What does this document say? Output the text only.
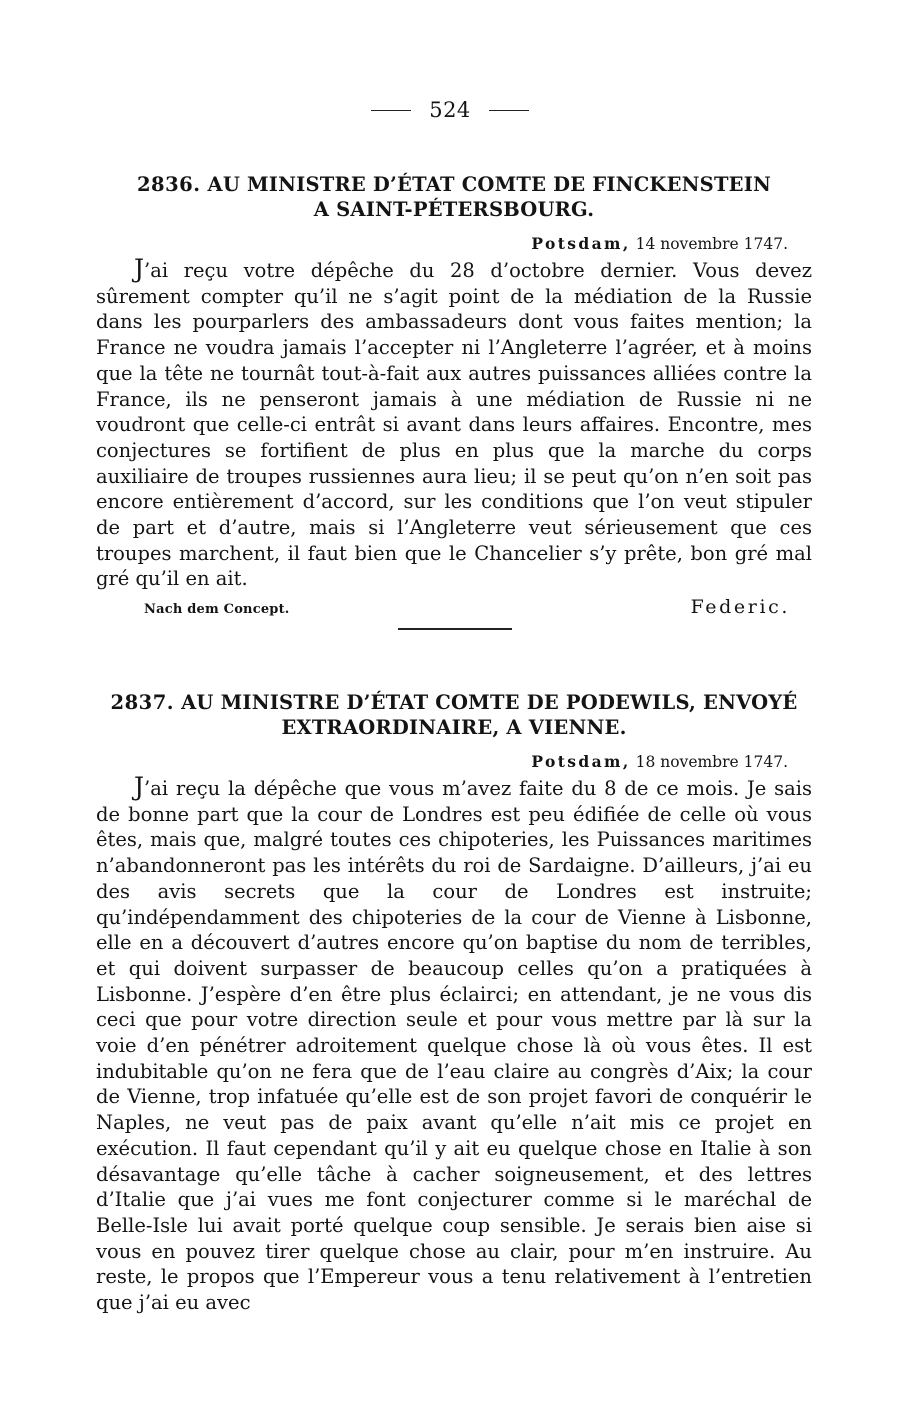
524
2836. AU MINISTRE D’ÉTAT COMTE DE FINCKENSTEIN
A SAINT-PÉTERSBOURG.
Potsdam, 14 novembre 1747.

J’ai reçu votre dépêche du 28 d’octobre dernier. Vous devez sûrement compter qu’il ne s’agit point de la médiation de la Russie dans les pourparlers des ambassadeurs dont vous faites mention; la France ne voudra jamais l’accepter ni l’Angleterre l’agréer, et à moins que la tête ne tournât tout-à-fait aux autres puissances alliées contre la France, ils ne penseront jamais à une médiation de Russie ni ne voudront que celle-ci entrât si avant dans leurs affaires. Encontre, mes conjectures se fortifient de plus en plus que la marche du corps auxiliaire de troupes russiennes aura lieu; il se peut qu’on n’en soit pas encore entièrement d’accord, sur les conditions que l’on veut stipuler de part et d’autre, mais si l’Angleterre veut sérieusement que ces troupes marchent, il faut bien que le Chancelier s’y prête, bon gré mal gré qu’il en ait.

Nach dem Concept.	Federic.
2837. AU MINISTRE D’ÉTAT COMTE DE PODEWILS, ENVOYÉ
EXTRAORDINAIRE, A VIENNE.
Potsdam, 18 novembre 1747.

J’ai reçu la dépêche que vous m’avez faite du 8 de ce mois. Je sais de bonne part que la cour de Londres est peu édifiée de celle où vous êtes, mais que, malgré toutes ces chipoteries, les Puissances maritimes n’abandonneront pas les intérêts du roi de Sardaigne. D’ailleurs, j’ai eu des avis secrets que la cour de Londres est instruite; qu’indépendamment des chipoteries de la cour de Vienne à Lisbonne, elle en a découvert d’autres encore qu’on baptise du nom de terribles, et qui doivent surpasser de beaucoup celles qu’on a pratiquées à Lisbonne. J’espère d’en être plus éclairci; en attendant, je ne vous dis ceci que pour votre direction seule et pour vous mettre par là sur la voie d’en pénétrer adroitement quelque chose là où vous êtes. Il est indubitable qu’on ne fera que de l’eau claire au congrès d’Aix; la cour de Vienne, trop infatuée qu’elle est de son projet favori de conquérir le Naples, ne veut pas de paix avant qu’elle n’ait mis ce projet en exécution. Il faut cependant qu’il y ait eu quelque chose en Italie à son désavantage qu’elle tâche à cacher soigneusement, et des lettres d’Italie que j’ai vues me font conjecturer comme si le maréchal de Belle-Isle lui avait porté quelque coup sensible. Je serais bien aise si vous en pouvez tirer quelque chose au clair, pour m’en instruire. Au reste, le propos que l’Empereur vous a tenu relativement à l’entretien que j’ai eu avec
